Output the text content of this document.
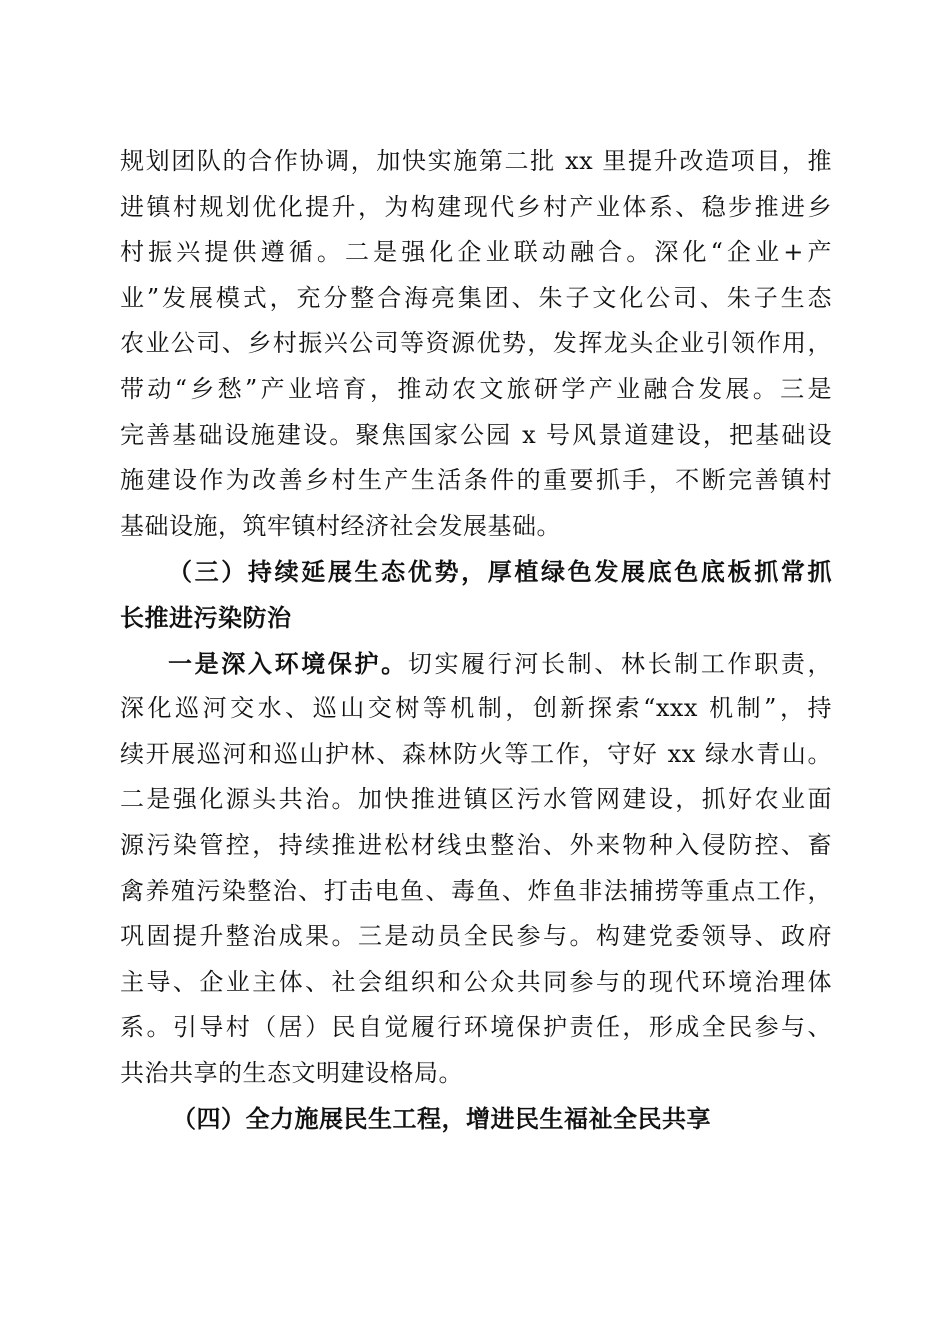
规划团队的合作协调，加快实施第二批 xx 里提升改造项目，推
进镇村规划优化提升，为构建现代乡村产业体系、稳步推进乡
村振兴提供遵循。二是强化企业联动融合。深化“企业+产
业”发展模式，充分整合海亮集团、朱子文化公司、朱子生态
农业公司、乡村振兴公司等资源优势，发挥龙头企业引领作用，
带动“乡愁”产业培育，推动农文旅研学产业融合发展。三是
完善基础设施建设。聚焦国家公园 x 号风景道建设，把基础设
施建设作为改善乡村生产生活条件的重要抓手，不断完善镇村
基础设施，筑牢镇村经济社会发展基础。
（三）持续延展生态优势，厚植绿色发展底色底板抓常抓
长推进污染防治
一是深入环境保护。切实履行河长制、林长制工作职责，
深化巡河交水、巡山交树等机制，创新探索“xxx 机制”，持
续开展巡河和巡山护林、森林防火等工作，守好 xx 绿水青山。
二是强化源头共治。加快推进镇区污水管网建设，抓好农业面
源污染管控，持续推进松材线虫整治、外来物种入侵防控、畜
禽养殖污染整治、打击电鱼、毒鱼、炸鱼非法捕捞等重点工作，
巩固提升整治成果。三是动员全民参与。构建党委领导、政府
主导、企业主体、社会组织和公众共同参与的现代环境治理体
系。引导村（居）民自觉履行环境保护责任，形成全民参与、
共治共享的生态文明建设格局。
（四）全力施展民生工程，增进民生福祉全民共享
